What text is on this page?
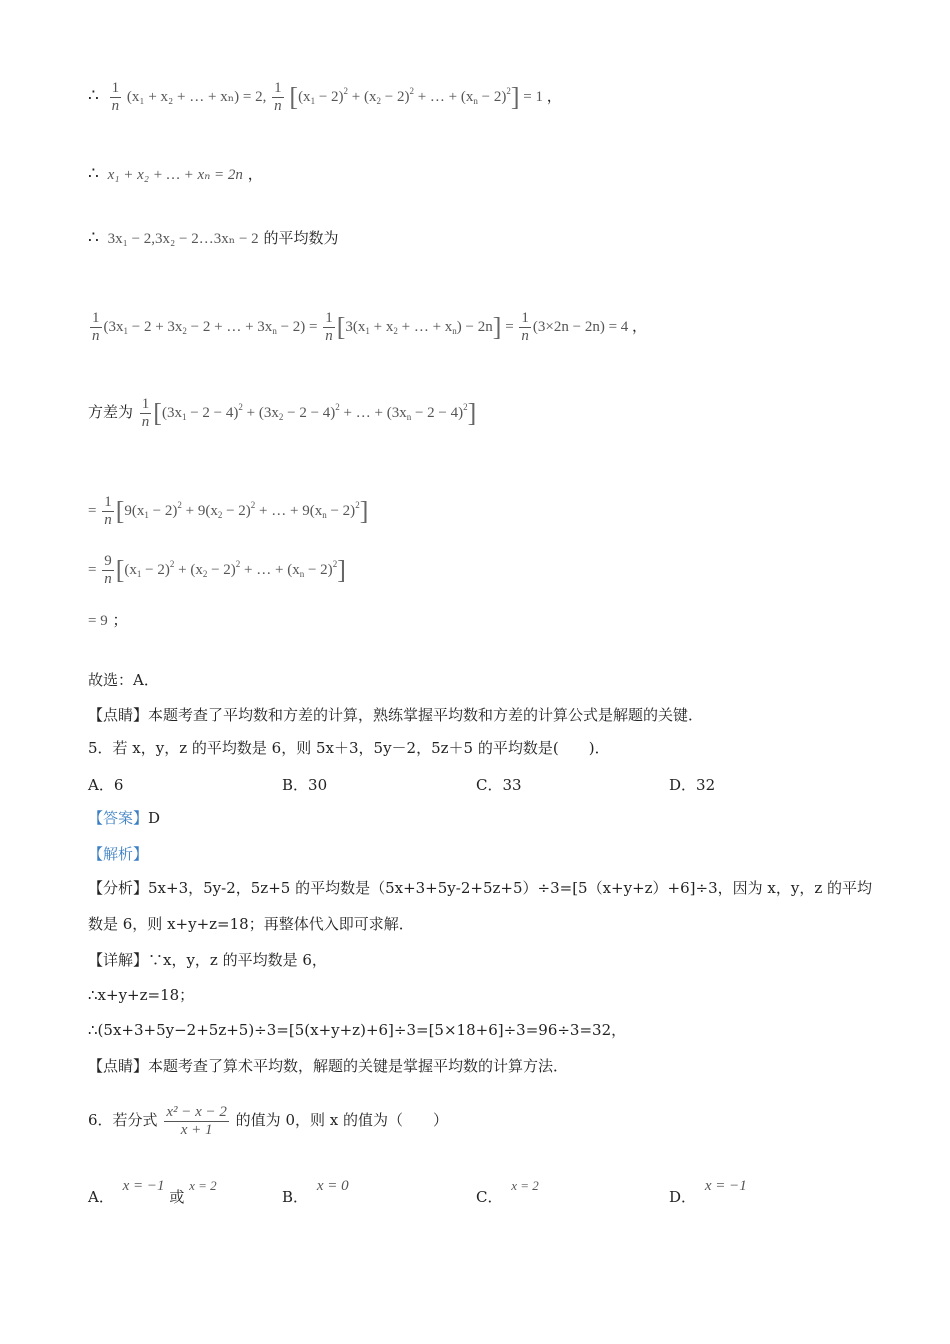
∴ $\frac{1}{n} (x_1 + x_2$ + … + xₙ) = 2, $\frac{1}{n} [(x_1 - 2)^2 + (x_2 - 2)^2$ + … + $(x_n - 2)^2] = 1$ ，
∴ x₁ + x₂ + … + xₙ = 2n ，
∴ 3x₁ − 2,3x₂ − 2…3xₙ − 2 的平均数为
$\frac{1}{n} (3x_1 - 2 + 3x_2 - 2$ + … + $3x_n - 2) = \frac{1}{n} [3(x_1 + x_2$ + … + $x_n) - 2n] = \frac{1}{n} (3\times 2n - 2n) = 4$ ，
方差为 $\frac{1}{n} [(3x_1 - 2 - 4)^2 + (3x_2 - 2 - 4)^2$ + … + $(3x_n - 2 - 4)^2$]
= $\frac{1}{n} [9(x_1 - 2)^2 + 9(x_2 - 2)^2$ + … + $9(x_n - 2)^2$]
= $\frac{9}{n} [(x_1 - 2)^2 + (x_2 - 2)^2$ + … + $(x_n - 2)^2$]
= 9 ；
故选：A．
【点睛】本题考查了平均数和方差的计算，熟练掌握平均数和方差的计算公式是解题的关键．
5．若 x，y，z 的平均数是 6，则 5x＋3，5y－2，5z＋5 的平均数是(　　)．
A．6	B．30	C．33	D．32
【答案】D
【解析】
【分析】5x+3，5y-2，5z+5 的平均数是（5x+3+5y-2+5z+5）÷3=[5（x+y+z）+6]÷3，因为 x，y，z 的平均
数是 6，则 x+y+z=18；再整体代入即可求解．
【详解】∵x，y，z 的平均数是 6，
∴x+y+z=18；
∴(5x+3+5y−2+5z+5)÷3=[5(x+y+z)+6]÷3=[5×18+6]÷3=96÷3=32，
【点睛】本题考查了算术平均数，解题的关键是掌握平均数的计算方法．
6．若分式 $\frac{\text{x² − x − 2}}{x + 1}$ 的值为 0，则 x 的值为（　　）
A． x = −1 或 x = 2
B． x = 0
C． x = 2
D． x = −1
